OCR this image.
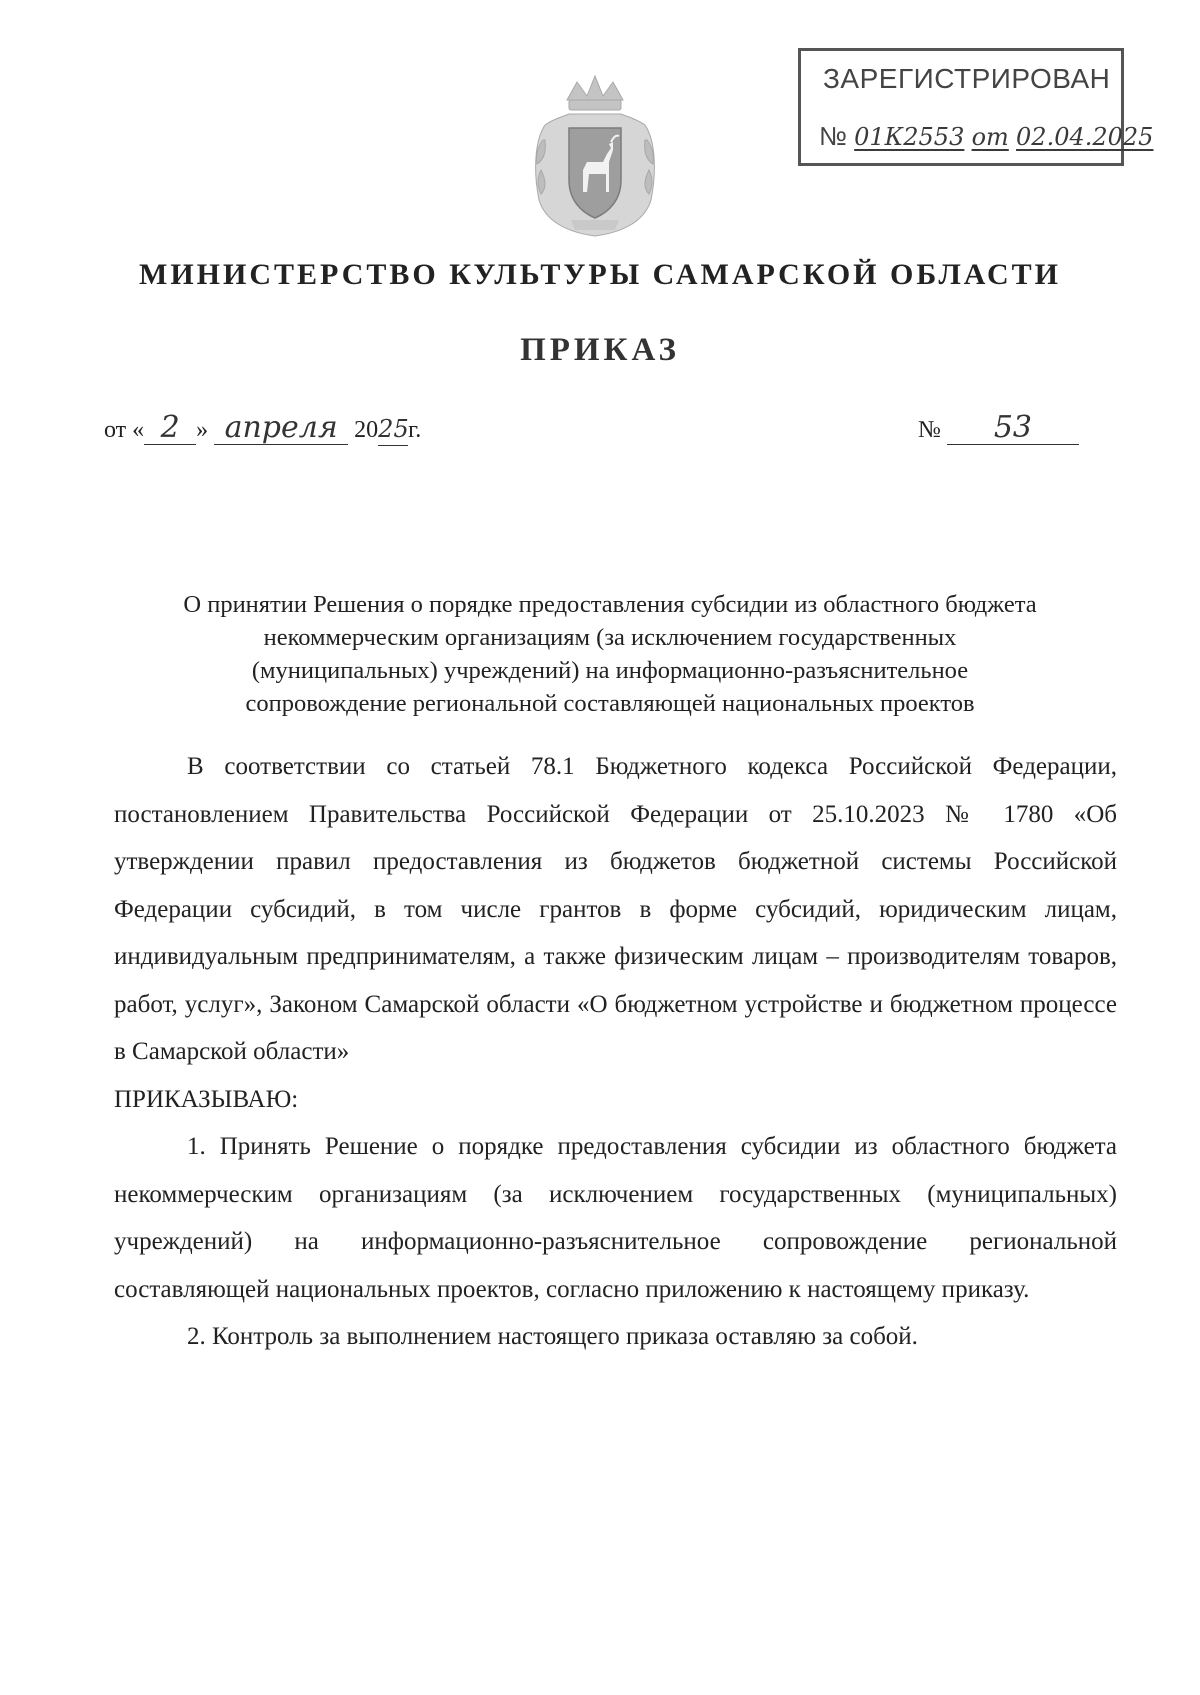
ЗАРЕГИСТРИРОВАН
№ 01К2553 от 02.04.2025
МИНИСТЕРСТВО КУЛЬТУРЫ САМАРСКОЙ ОБЛАСТИ
ПРИКАЗ
от « 2 » апреля 2025г.	№ 53
О принятии Решения о порядке предоставления субсидии из областного бюджета
некоммерческим организациям (за исключением государственных
(муниципальных) учреждений) на информационно-разъяснительное
сопровождение региональной составляющей национальных проектов

В соответствии со статьей 78.1 Бюджетного кодекса Российской Федерации, постановлением Правительства Российской Федерации от 25.10.2023 № 1780 «Об утверждении правил предоставления из бюджетов бюджетной системы Российской Федерации субсидий, в том числе грантов в форме субсидий, юридическим лицам, индивидуальным предпринимателям, а также физическим лицам – производителям товаров, работ, услуг», Законом Самарской области «О бюджетном устройстве и бюджетном процессе в Самарской области»

ПРИКАЗЫВАЮ:

1. Принять Решение о порядке предоставления субсидии из областного бюджета некоммерческим организациям (за исключением государственных (муниципальных) учреждений) на информационно-разъяснительное сопровождение региональной составляющей национальных проектов, согласно приложению к настоящему приказу.

2. Контроль за выполнением настоящего приказа оставляю за собой.
